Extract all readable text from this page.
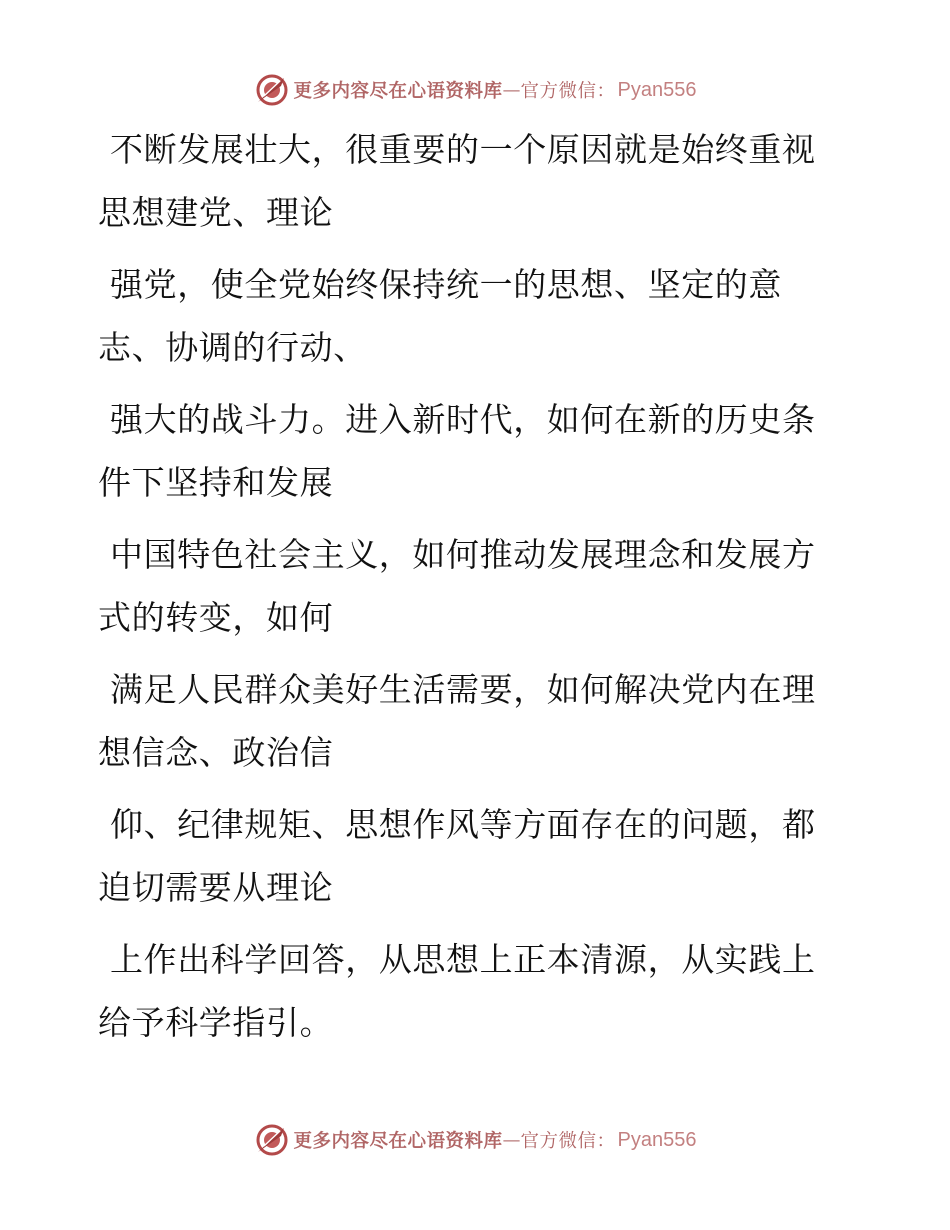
更多内容尽在心语资料库 — 官方微信： Pyan556

不断发展壮大，很重要的一个原因就是始终重视
思想建党、理论

强党，使全党始终保持统一的思想、坚定的意
志、协调的行动、

强大的战斗力。进入新时代，如何在新的历史条
件下坚持和发展

中国特色社会主义，如何推动发展理念和发展方
式的转变，如何

满足人民群众美好生活需要，如何解决党内在理
想信念、政治信

仰、纪律规矩、思想作风等方面存在的问题，都
迫切需要从理论

上作出科学回答，从思想上正本清源，从实践上
给予科学指引。

更多内容尽在心语资料库 — 官方微信： Pyan556
